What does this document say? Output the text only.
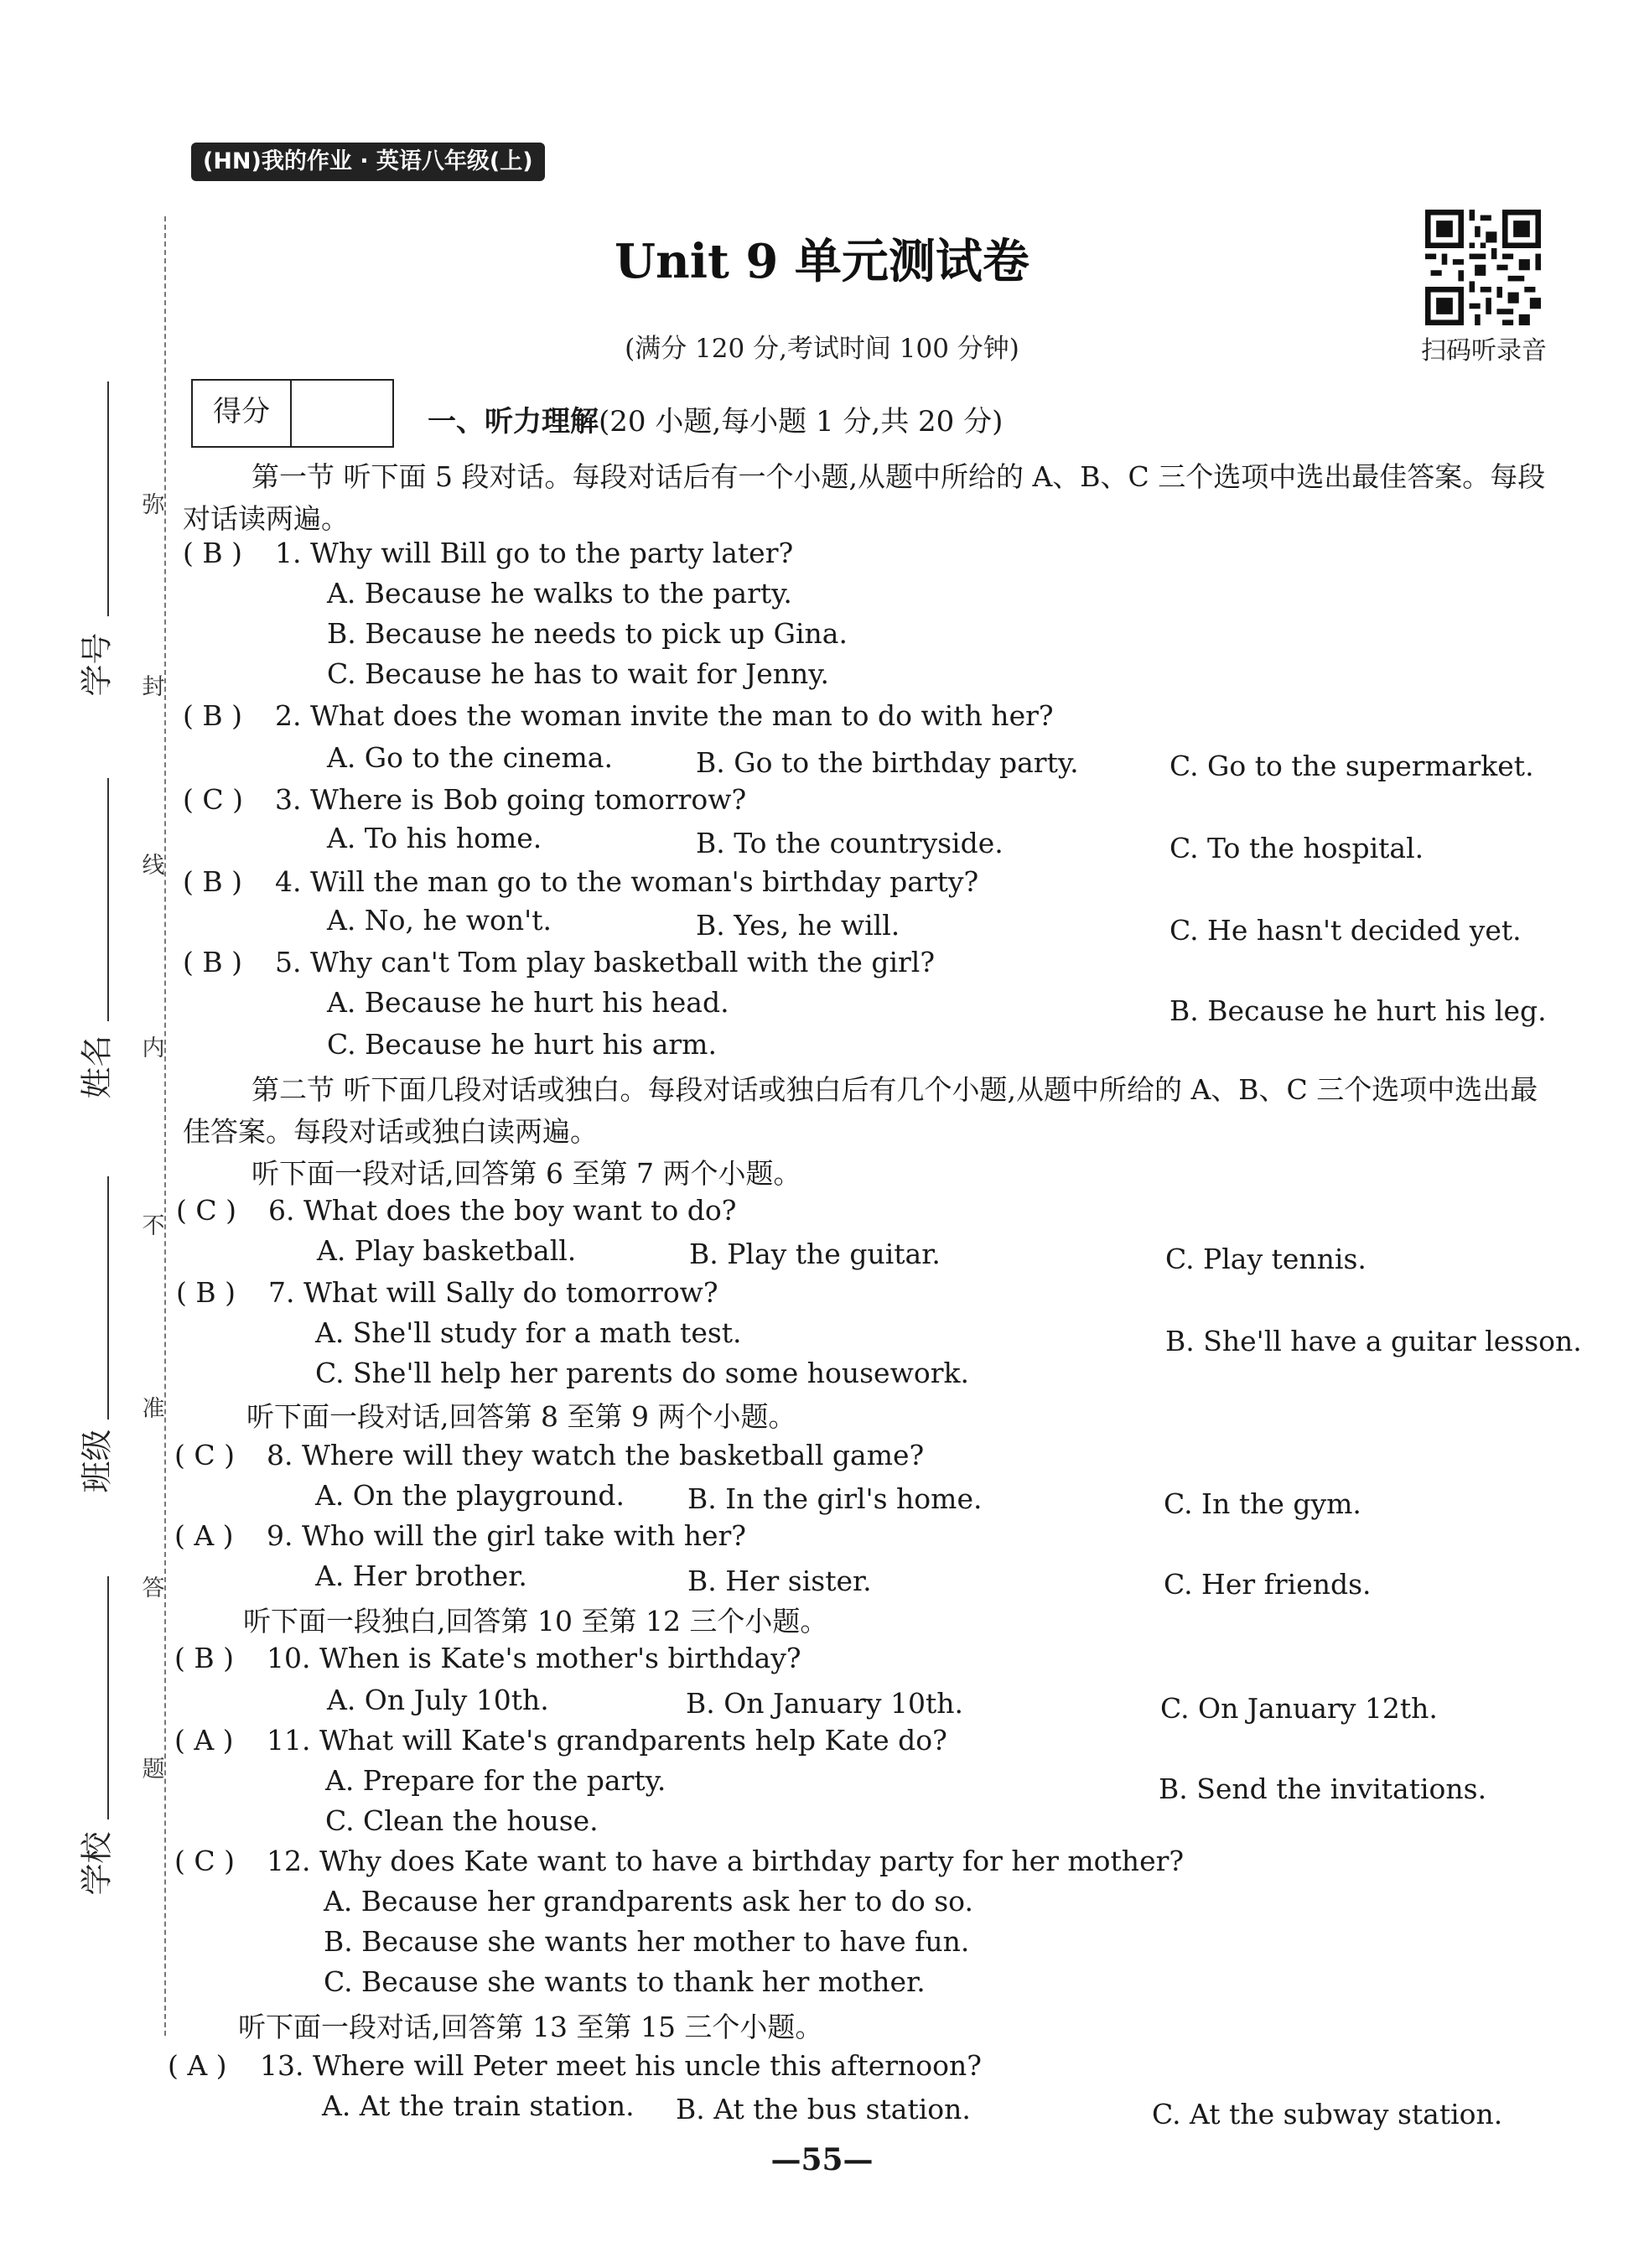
(HN)我的作业 · 英语八年级(上)
弥
封
线
内
不
准
答
题
学号
姓名
班级
学校
Unit 9 单元测试卷
(满分 120 分,考试时间 100 分钟)	扫码听录音
得分	一、听力理解(20 小题,每小题 1 分,共 20 分)
第一节 听下面 5 段对话。每段对话后有一个小题,从题中所给的 A、B、C 三个选项中选出最佳答案。每段对话读两遍。
( B ) 1. Why will Bill go to the party later?
A. Because he walks to the party.
B. Because he needs to pick up Gina.
C. Because he has to wait for Jenny.
( B ) 2. What does the woman invite the man to do with her?
A. Go to the cinema.	B. Go to the birthday party.	C. Go to the supermarket.
( C ) 3. Where is Bob going tomorrow?
A. To his home.	B. To the countryside.	C. To the hospital.
( B ) 4. Will the man go to the woman's birthday party?
A. No, he won't.	B. Yes, he will.	C. He hasn't decided yet.
( B ) 5. Why can't Tom play basketball with the girl?
A. Because he hurt his head.	B. Because he hurt his leg.
C. Because he hurt his arm.
第二节 听下面几段对话或独白。每段对话或独白后有几个小题,从题中所给的 A、B、C 三个选项中选出最佳答案。每段对话或独白读两遍。
听下面一段对话,回答第 6 至第 7 两个小题。
( C ) 6. What does the boy want to do?
A. Play basketball.	B. Play the guitar.	C. Play tennis.
( B ) 7. What will Sally do tomorrow?
A. She'll study for a math test.	B. She'll have a guitar lesson.
C. She'll help her parents do some housework.
听下面一段对话,回答第 8 至第 9 两个小题。
( C ) 8. Where will they watch the basketball game?
A. On the playground. B. In the girl's home.	C. In the gym.
( A ) 9. Who will the girl take with her?
A. Her brother.	B. Her sister.	C. Her friends.
听下面一段独白,回答第 10 至第 12 三个小题。
( B ) 10. When is Kate's mother's birthday?
A. On July 10th.	B. On January 10th.	C. On January 12th.
( A ) 11. What will Kate's grandparents help Kate do?
A. Prepare for the party.	B. Send the invitations.
C. Clean the house.
( C ) 12. Why does Kate want to have a birthday party for her mother?
A. Because her grandparents ask her to do so.
B. Because she wants her mother to have fun.
C. Because she wants to thank her mother.
听下面一段对话,回答第 13 至第 15 三个小题。
( A ) 13. Where will Peter meet his uncle this afternoon?
A. At the train station. B. At the bus station.	C. At the subway station.
—55—
